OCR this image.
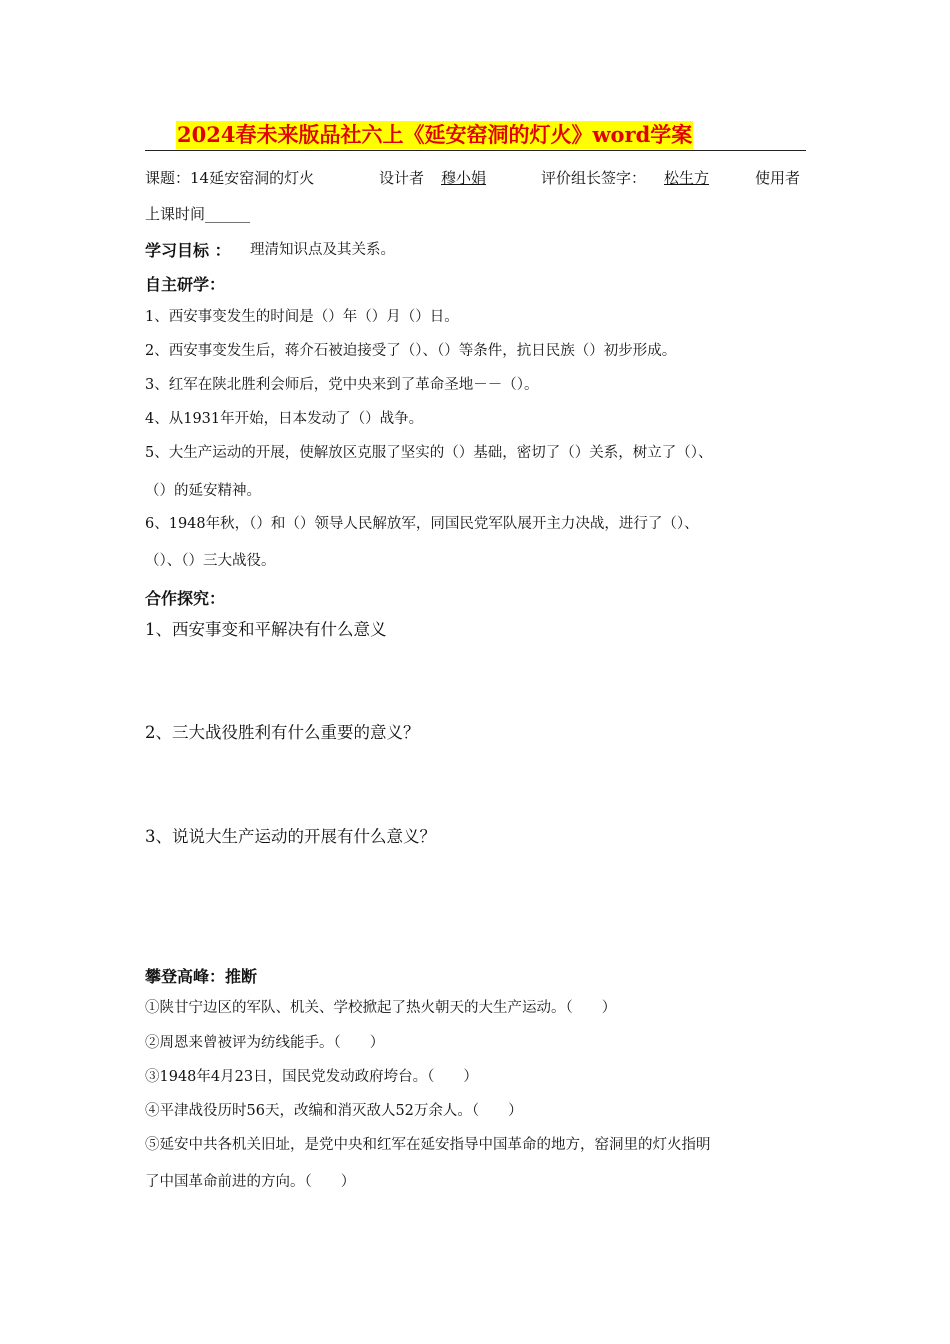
2024春未来版品社六上《延安窑洞的灯火》word学案
课题：14延安窑洞的灯火	设计者 穆小娟	评价组长签字： 松生方	使用者
上课时间______
学习目标 ： 理清知识点及其关系。
自主研学：
1、西安事变发生的时间是（）年（）月（）日。
2、西安事变发生后，蒋介石被迫接受了（）、（）等条件，抗日民族（）初步形成。
3、红军在陕北胜利会师后，党中央来到了革命圣地－－（）。
4、从1931年开始，日本发动了（）战争。
5、大生产运动的开展，使解放区克服了坚实的（）基础，密切了（）关系，树立了（）、
（）的延安精神。
6、1948年秋，（）和（）领导人民解放军，同国民党军队展开主力决战，进行了（）、
（）、（）三大战役。
合作探究：
1、西安事变和平解决有什么意义
2、三大战役胜利有什么重要的意义？
3、说说大生产运动的开展有什么意义？
攀登高峰：推断
①陕甘宁边区的军队、机关、学校掀起了热火朝天的大生产运动。（　　）
②周恩来曾被评为纺线能手。（　　）
③1948年4月23日，国民党发动政府垮台。（　　）
④平津战役历时56天，改编和消灭敌人52万余人。（　　）
⑤延安中共各机关旧址，是党中央和红军在延安指导中国革命的地方，窑洞里的灯火指明
了中国革命前进的方向。（　　）
